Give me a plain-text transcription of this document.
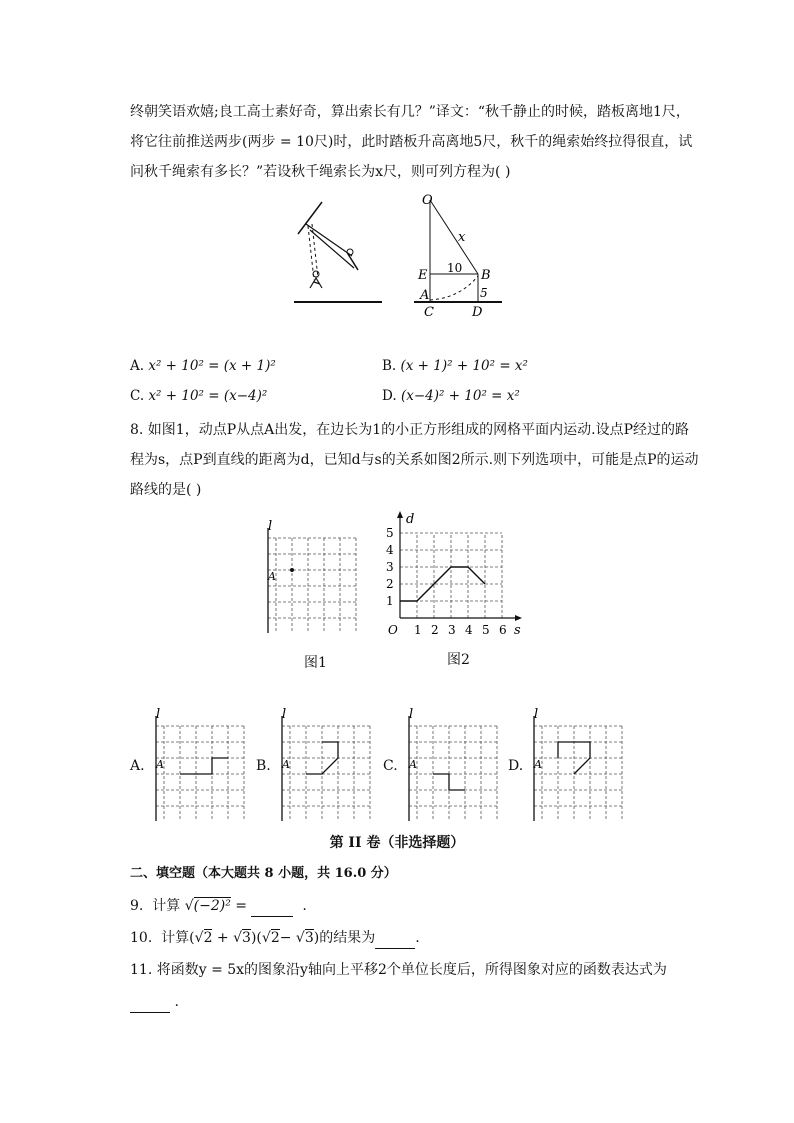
终朝笑语欢嬉;良工高士素好奇，算出索长有几？”译文：“秋千静止的时候，踏板离地1尺，
将它往前推送两步(两步 = 10尺)时，此时踏板升高离地5尺，秋千的绳索始终拉得很直，试
问秋千绳索有多长？”若设秋千绳索长为x尺，则可列方程为( )
O
x
E 10 B
A	5
C	D
A. x² + 10² = (x + 1)²	B. (x + 1)² + 10² = x²
C. x² + 10² = (x−4)²	D. (x−4)² + 10² = x²
8. 如图1，动点P从点A出发，在边长为1的小正方形组成的网格平面内运动.设点P经过的路
程为s，点P到直线的距离为d，已知d与s的关系如图2所示.则下列选项中，可能是点P的运动
路线的是( )
l
A
图1
d
s
O 1 2 3 4 5 6
1
2
3
4
5
图2
A.
l
A	B.
l
A	C.
l
A	D.
l
A
第 II 卷（非选择题）
二、填空题（本大题共 8 小题，共 16.0 分）
9. 计算 √(−2)² =	.
10. 计算(√2 + √3)(√2− √3)的结果为	.
11. 将函数y = 5x的图象沿y轴向上平移2个单位长度后，所得图象对应的函数表达式为
.
